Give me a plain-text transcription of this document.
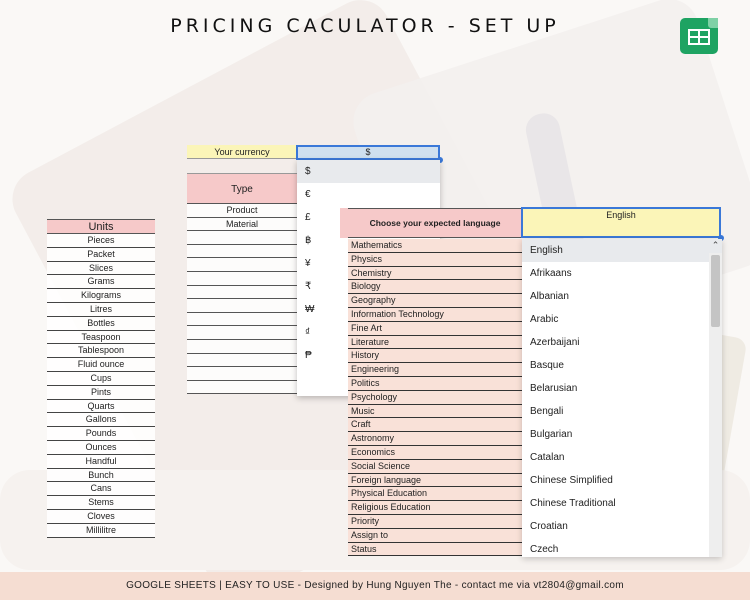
PRICING CACULATOR - SET UP
Units
Pieces
Packet
Slices
Grams
Kilograms
Litres
Bottles
Teaspoon
Tablespoon
Fluid ounce
Cups
Pints
Quarts
Gallons
Pounds
Ounces
Handful
Bunch
Cans
Stems
Cloves
Millilitre
Your currency
Type
Product
Material
$
$
€
£
฿
¥
₹
₩
₫
₱
Choose your expected language
Mathematics
Physics
Chemistry
Biology
Geography
Information Technology
Fine Art
Literature
History
Engineering
Politics
Psychology
Music
Craft
Astronomy
Economics
Social Science
Foreign language
Physical Education
Religious Education
Priority
Assign to
Status
English
English
Afrikaans
Albanian
Arabic
Azerbaijani
Basque
Belarusian
Bengali
Bulgarian
Catalan
Chinese Simplified
Chinese Traditional
Croatian
Czech
⌃
GOOGLE SHEETS | EASY TO USE - Designed by Hung Nguyen The - contact me via vt2804@gmail.com
